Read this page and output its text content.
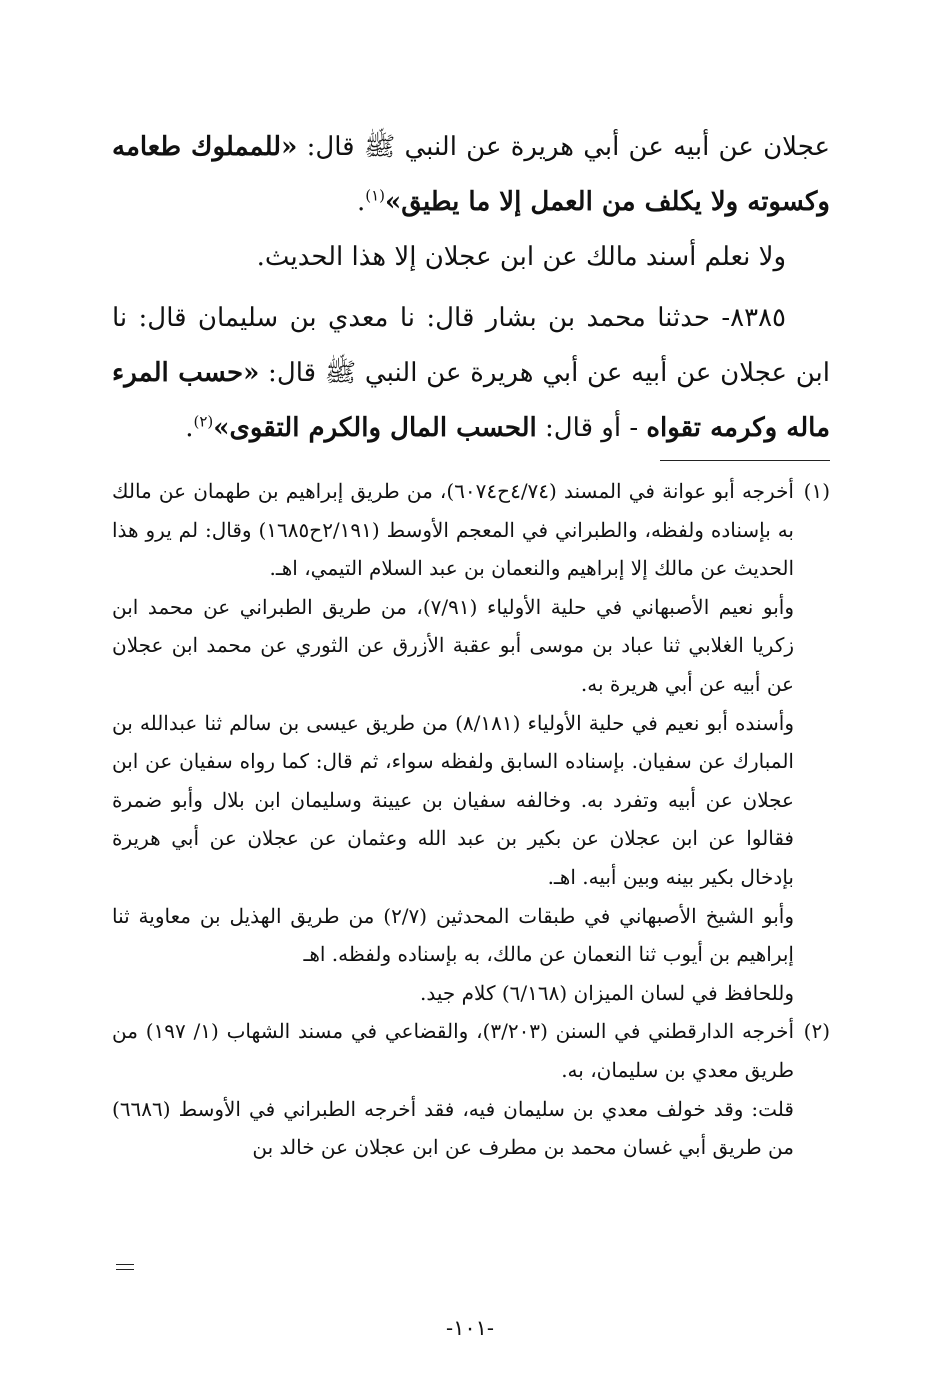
عجلان عن أبيه عن أبي هريرة عن النبي ﷺ قال: «للمملوك طعامه وكسوته ولا يكلف من العمل إلا ما يطيق»$^{(١)}$.

ولا نعلم أسند مالك عن ابن عجلان إلا هذا الحديث.

٨٣٨٥- حدثنا محمد بن بشار قال: نا معدي بن سليمان قال: نا ابن عجلان عن أبيه عن أبي هريرة عن النبي ﷺ قال: «حسب المرء ماله وكرمه تقواه - أو قال: الحسب المال والكرم التقوى»$^{(٢)}$.

(١)

أخرجه أبو عوانة في المسند (٤/٧٤ح٦٠٧٤)، من طريق إبراهيم بن طهمان عن مالك به بإسناده ولفظه، والطبراني في المعجم الأوسط (٢/١٩١ح١٦٨٥) وقال: لم يرو هذا الحديث عن مالك إلا إبراهيم والنعمان بن عبد السلام التيمي، اهـ.

وأبو نعيم الأصبهاني في حلية الأولياء (٧/٩١)، من طريق الطبراني عن محمد ابن زكريا الغلابي ثنا عباد بن موسى أبو عقبة الأزرق عن الثوري عن محمد ابن عجلان عن أبيه عن أبي هريرة به.

وأسنده أبو نعيم في حلية الأولياء (٨/١٨١) من طريق عيسى بن سالم ثنا عبدالله بن المبارك عن سفيان. بإسناده السابق ولفظه سواء، ثم قال: كما رواه سفيان عن ابن عجلان عن أبيه وتفرد به. وخالفه سفيان بن عيينة وسليمان ابن بلال وأبو ضمرة فقالوا عن ابن عجلان عن بكير بن عبد الله وعثمان عن عجلان عن أبي هريرة بإدخال بكير بينه وبين أبيه. اهـ.

وأبو الشيخ الأصبهاني في طبقات المحدثين (٢/٧) من طريق الهذيل بن معاوية ثنا إبراهيم بن أيوب ثنا النعمان عن مالك، به بإسناده ولفظه. اهـ

وللحافظ في لسان الميزان (٦/١٦٨) كلام جيد.

(٢)

أخرجه الدارقطني في السنن (٣/٢٠٣)، والقضاعي في مسند الشهاب (١/ ١٩٧) من طريق معدي بن سليمان، به.

قلت: وقد خولف معدي بن سليمان فيه، فقد أخرجه الطبراني في الأوسط (٦٦٨٦) من طريق أبي غسان محمد بن مطرف عن ابن عجلان عن خالد بن

-١٠١-
